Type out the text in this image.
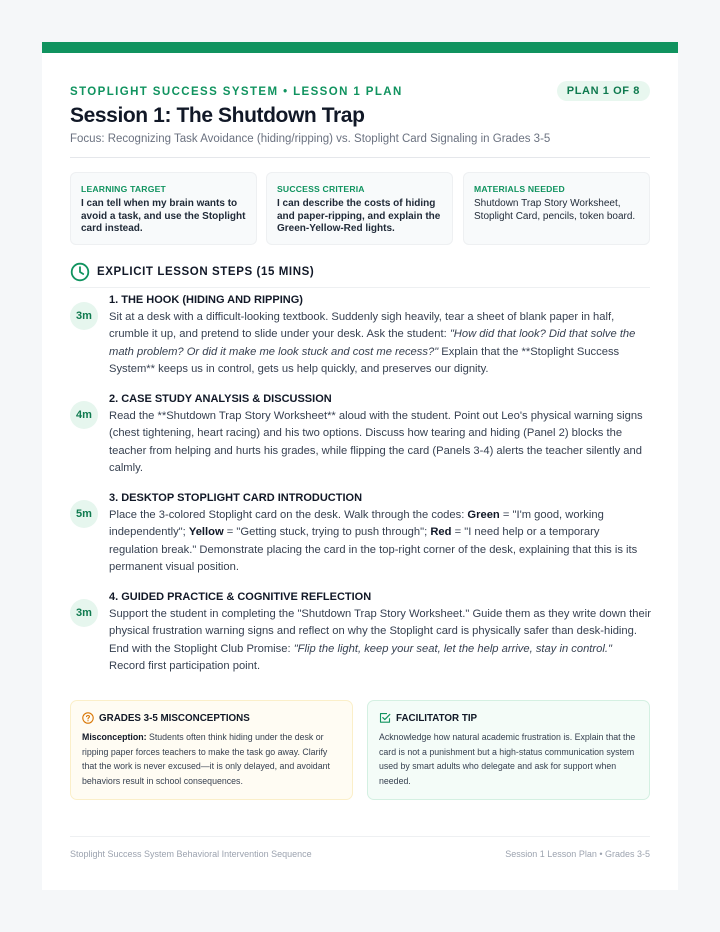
STOPLIGHT SUCCESS SYSTEM • LESSON 1 PLAN	PLAN 1 OF 8
Session 1: The Shutdown Trap
Focus: Recognizing Task Avoidance (hiding/ripping) vs. Stoplight Card Signaling in Grades 3-5
LEARNING TARGET
I can tell when my brain wants to avoid a task, and use the Stoplight card instead.
SUCCESS CRITERIA
I can describe the costs of hiding and paper-ripping, and explain the Green-Yellow-Red lights.
MATERIALS NEEDED
Shutdown Trap Story Worksheet, Stoplight Card, pencils, token board.
EXPLICIT LESSON STEPS (15 MINS)
3m
1. THE HOOK (HIDING AND RIPPING)
Sit at a desk with a difficult-looking textbook. Suddenly sigh heavily, tear a sheet of blank paper in half, crumble it up, and pretend to slide under your desk. Ask the student: "How did that look? Did that solve the math problem? Or did it make me look stuck and cost me recess?" Explain that the **Stoplight Success System** keeps us in control, gets us help quickly, and preserves our dignity.
4m
2. CASE STUDY ANALYSIS & DISCUSSION
Read the **Shutdown Trap Story Worksheet** aloud with the student. Point out Leo's physical warning signs (chest tightening, heart racing) and his two options. Discuss how tearing and hiding (Panel 2) blocks the teacher from helping and hurts his grades, while flipping the card (Panels 3-4) alerts the teacher silently and calmly.
5m
3. DESKTOP STOPLIGHT CARD INTRODUCTION
Place the 3-colored Stoplight card on the desk. Walk through the codes: Green = "I'm good, working independently"; Yellow = "Getting stuck, trying to push through"; Red = "I need help or a temporary regulation break." Demonstrate placing the card in the top-right corner of the desk, explaining that this is its permanent visual position.
3m
4. GUIDED PRACTICE & COGNITIVE REFLECTION
Support the student in completing the "Shutdown Trap Story Worksheet." Guide them as they write down their physical frustration warning signs and reflect on why the Stoplight card is physically safer than desk-hiding. End with the Stoplight Club Promise: "Flip the light, keep your seat, let the help arrive, stay in control." Record first participation point.
GRADES 3-5 MISCONCEPTIONS
Misconception: Students often think hiding under the desk or ripping paper forces teachers to make the task go away. Clarify that the work is never excused—it is only delayed, and avoidant behaviors result in school consequences.
FACILITATOR TIP
Acknowledge how natural academic frustration is. Explain that the card is not a punishment but a high-status communication system used by smart adults who delegate and ask for support when needed.
Stoplight Success System Behavioral Intervention Sequence	Session 1 Lesson Plan • Grades 3-5
